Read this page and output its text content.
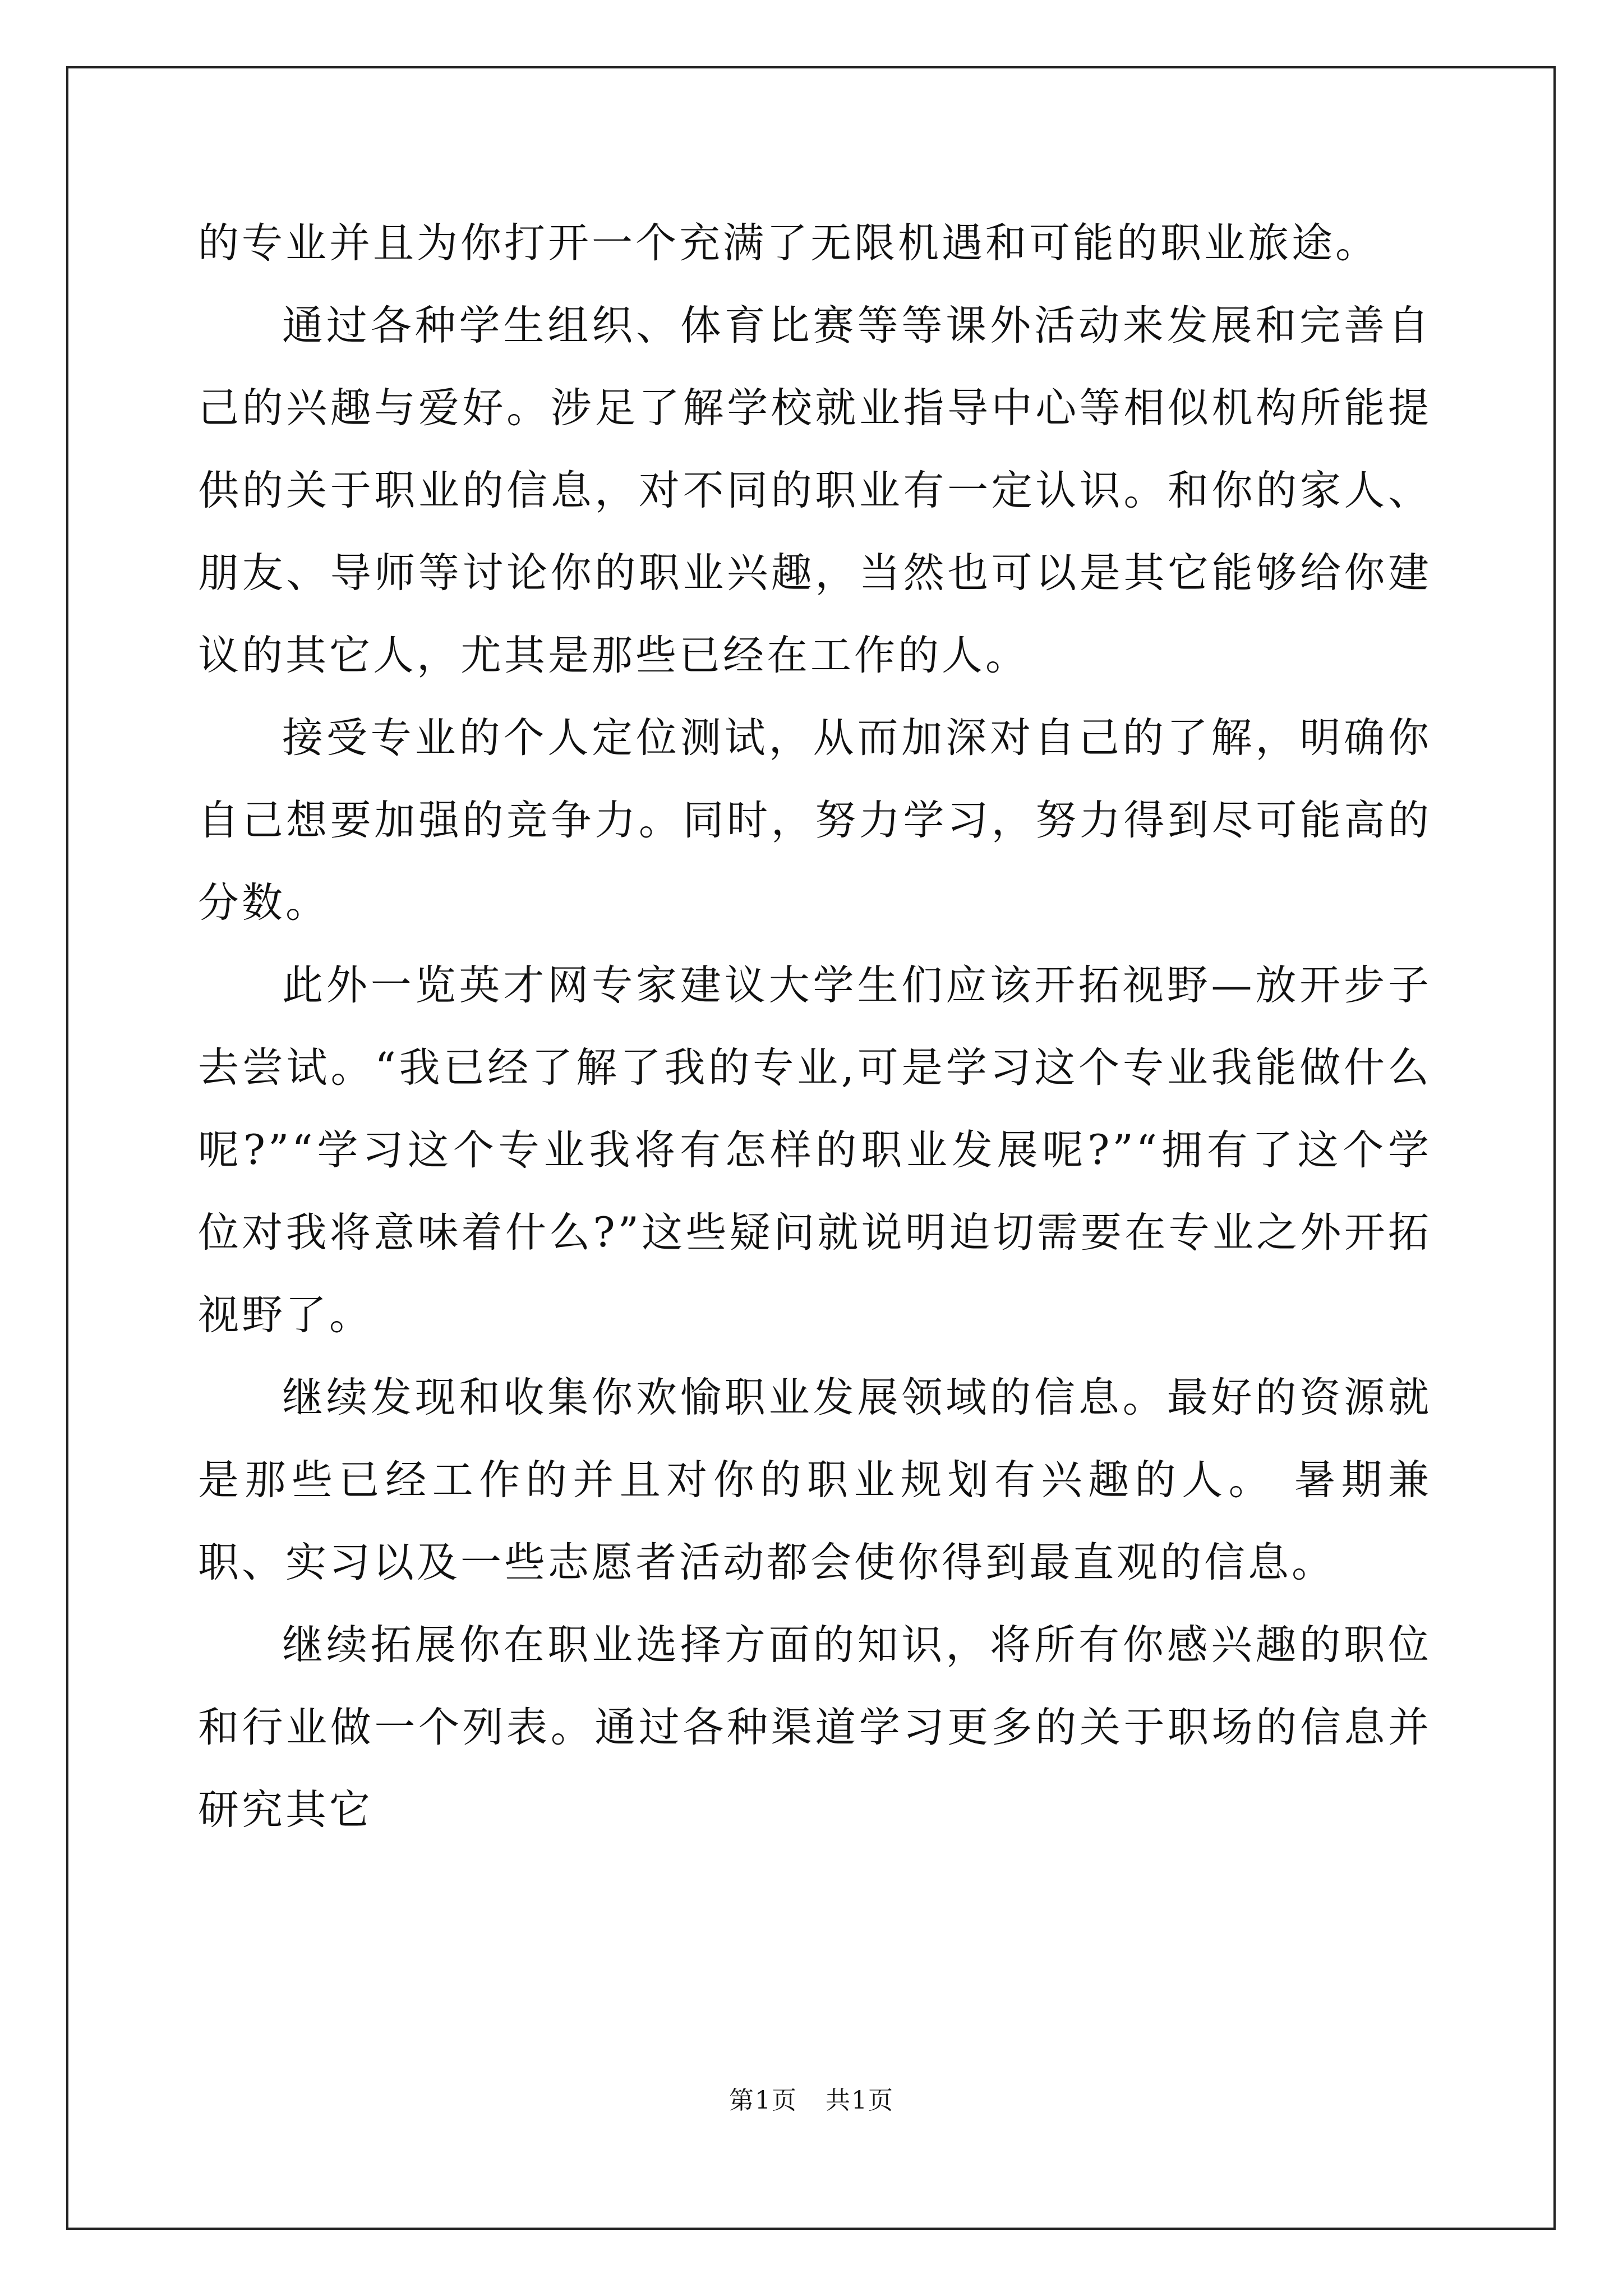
的专业并且为你打开一个充满了无限机遇和可能的职业旅途。

通过各种学生组织、体育比赛等等课外活动来发展和完善自己的兴趣与爱好。涉足了解学校就业指导中心等相似机构所能提供的关于职业的信息，对不同的职业有一定认识。和你的家人、朋友、导师等讨论你的职业兴趣，当然也可以是其它能够给你建议的其它人，尤其是那些已经在工作的人。

接受专业的个人定位测试，从而加深对自己的了解，明确你自己想要加强的竞争力。同时，努力学习，努力得到尽可能高的分数。

此外一览英才网专家建议大学生们应该开拓视野—放开步子去尝试。“我已经了解了我的专业,可是学习这个专业我能做什么呢?”“学习这个专业我将有怎样的职业发展呢?”“拥有了这个学位对我将意味着什么?”这些疑问就说明迫切需要在专业之外开拓视野了。

继续发现和收集你欢愉职业发展领域的信息。最好的资源就是那些已经工作的并且对你的职业规划有兴趣的人。 暑期兼职、实习以及一些志愿者活动都会使你得到最直观的信息。

继续拓展你在职业选择方面的知识，将所有你感兴趣的职位和行业做一个列表。通过各种渠道学习更多的关于职场的信息并研究其它

第1页 共1页
